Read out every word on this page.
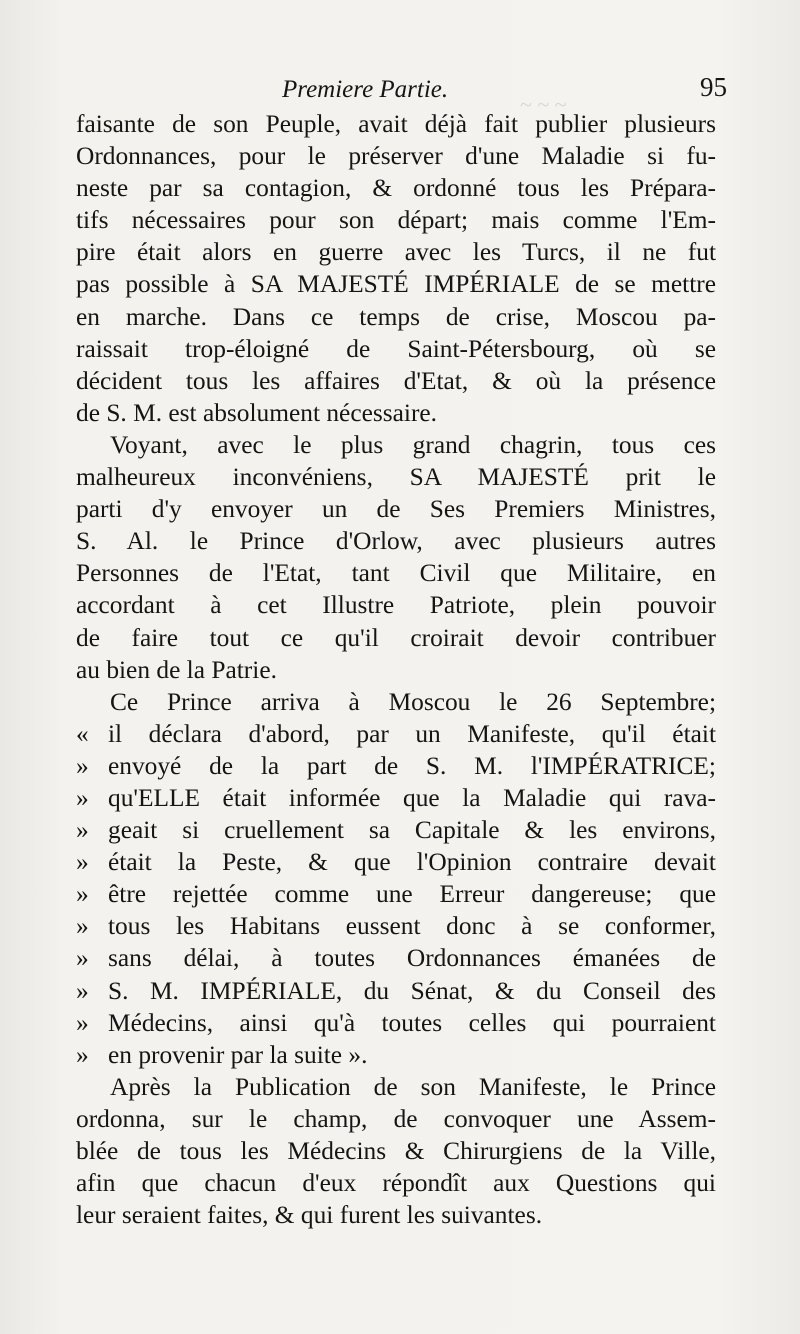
~ ~ ~
Premiere Partie.	95
faisante de son Peuple, avait déjà fait publier plusieurs
Ordonnances, pour le préserver d'une Maladie si fu-
neste par sa contagion, & ordonné tous les Prépara-
tifs nécessaires pour son départ; mais comme l'Em-
pire était alors en guerre avec les Turcs, il ne fut
pas possible à SA MAJESTÉ IMPÉRIALE de se mettre
en marche. Dans ce temps de crise, Moscou pa-
raissait trop-éloigné de Saint-Pétersbourg, où se
décident tous les affaires d'Etat, & où la présence
de S. M. est absolument nécessaire.
Voyant, avec le plus grand chagrin, tous ces
malheureux inconvéniens, SA MAJESTÉ prit le
parti d'y envoyer un de Ses Premiers Ministres,
S. Al. le Prince d'Orlow, avec plusieurs autres
Personnes de l'Etat, tant Civil que Militaire, en
accordant à cet Illustre Patriote, plein pouvoir
de faire tout ce qu'il croirait devoir contribuer
au bien de la Patrie.
Ce Prince arriva à Moscou le 26 Septembre;
« il déclara d'abord, par un Manifeste, qu'il était
» envoyé de la part de S. M. l'IMPÉRATRICE;
» qu'ELLE était informée que la Maladie qui rava-
» geait si cruellement sa Capitale & les environs,
» était la Peste, & que l'Opinion contraire devait
» être rejettée comme une Erreur dangereuse; que
» tous les Habitans eussent donc à se conformer,
» sans délai, à toutes Ordonnances émanées de
» S. M. IMPÉRIALE, du Sénat, & du Conseil des
» Médecins, ainsi qu'à toutes celles qui pourraient
» en provenir par la suite ».
Après la Publication de son Manifeste, le Prince
ordonna, sur le champ, de convoquer une Assem-
blée de tous les Médecins & Chirurgiens de la Ville,
afin que chacun d'eux répondît aux Questions qui
leur seraient faites, & qui furent les suivantes.
